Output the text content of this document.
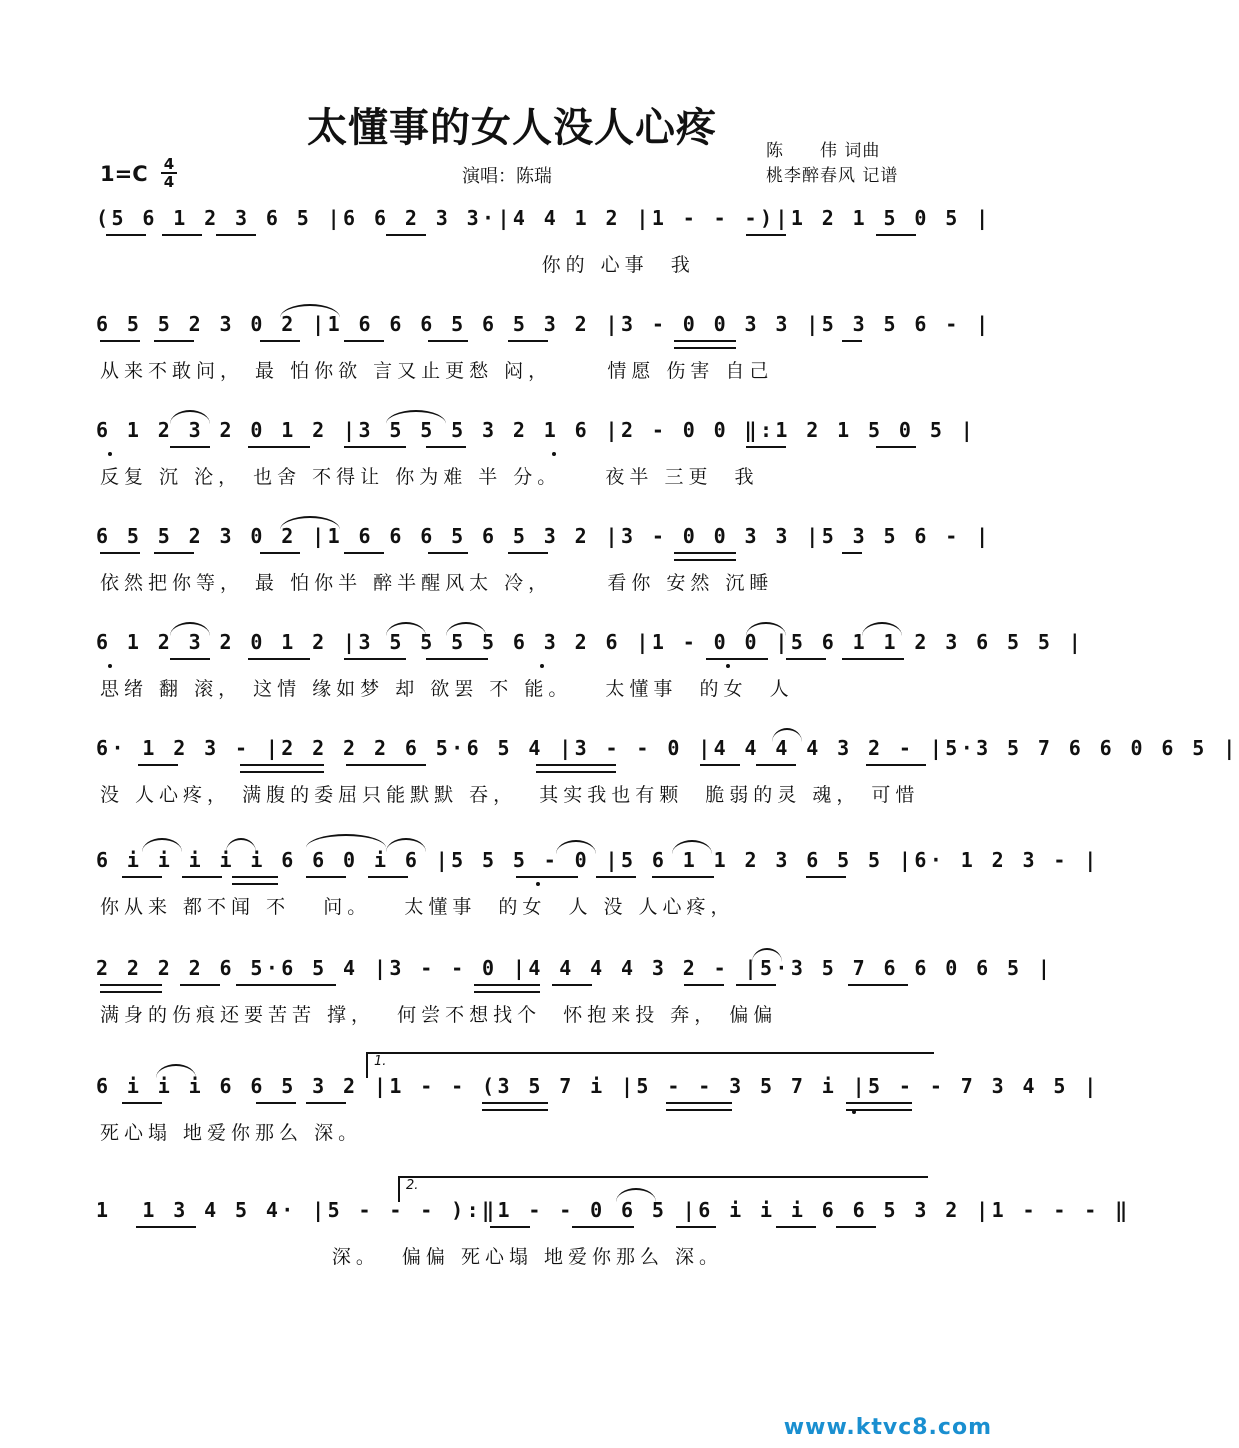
太懂事的女人没人心疼
1=C 4
4	演唱：陈瑞
陈　　伟 词曲
桃李醉春风 记谱
(5 6 1 2 3 6 5 |6 6 2 3 3·|4 4 1 2 |1 - - -)|1 2 1 5 0 5 |
你的 心事  我
6 5 5 2 3 0 2 |1 6 6 6 5 6 5 3 2 |3 - 0 0 3 3 |5 3 5 6 - |
从来不敢问， 最 怕你欲 言又止更愁 闷，     情愿 伤害 自己
6 1 2 3 2 0 1 2 |3 5 5 5 3 2 1 6 |2 - 0 0 ‖:1 2 1 5 0 5 |
反复 沉 沦， 也舍 不得让 你为难 半 分。    夜半 三更  我
6 5 5 2 3 0 2 |1 6 6 6 5 6 5 3 2 |3 - 0 0 3 3 |5 3 5 6 - |
依然把你等， 最 怕你半 醉半醒风太 冷，     看你 安然 沉睡
6 1 2 3 2 0 1 2 |3 5 5 5 5 6 3 2 6 |1 - 0 0 |5 6 1 1 2 3 6 5 5 |
思绪 翻 滚， 这情 缘如梦 却 欲罢 不 能。   太懂事  的女  人
6· 1 2 3 - |2 2 2 2 6 5·6 5 4 |3 - - 0 |4 4 4 4 3 2 - |5·3 5 7 6 6 0 6 5 |
没 人心疼， 满腹的委屈只能默默 吞，  其实我也有颗  脆弱的灵 魂， 可惜
6 i i i i i 6 6 0 i 6 |5 5 5 - 0 |5 6 1 1 2 3 6 5 5 |6· 1 2 3 - |
你从来 都不闻 不   问。   太懂事  的女  人 没 人心疼，
2 2 2 2 6 5·6 5 4 |3 - - 0 |4 4 4 4 3 2 - |5·3 5 7 6 6 0 6 5 |
满身的伤痕还要苦苦 撑，  何尝不想找个  怀抱来投 奔， 偏偏
1.
6 i i i 6 6 5 3 2 |1 - - (3 5 7 i |5 - - 3 5 7 i |5 - - 7 3 4 5 |
死心塌 地爱你那么 深。
2.
1  1 3 4 5 4· |5 - - - ):‖1 - - 0 6 5 |6 i i i 6 6 5 3 2 |1 - - - ‖
深。  偏偏 死心塌 地爱你那么 深。
www.ktvc8.com
